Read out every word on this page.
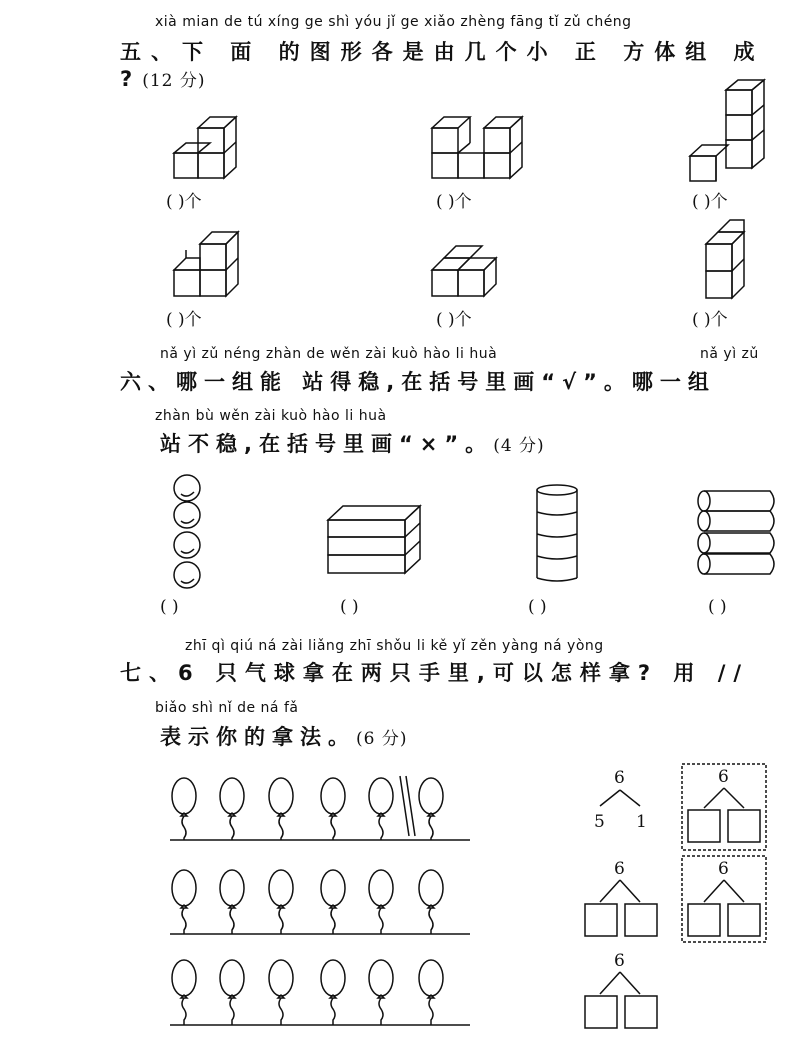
xià mian de tú xíng ge shì yóu jǐ ge xiǎo zhèng fāng tǐ zǔ chéng
五、下 面 的图形各是由几个小 正 方体组 成 ?(12 分)
( )个	( )个	( )个
( )个	( )个	( )个
nǎ yì zǔ néng zhàn de wěn zài kuò hào li huà	nǎ yì zǔ
六、哪一组能 站得稳,在括号里画“√”。哪一组
zhàn bù wěn zài kuò hào li huà
站不稳,在括号里画“×”。(4 分)
( )	( )	( )	( )
zhī qì qiú ná zài liǎng zhī shǒu li kě yǐ zěn yàng ná yòng
七、6 只气球拿在两只手里,可以怎样拿? 用 //
biǎo shì nǐ de ná fǎ
表示你的拿法。(6 分)
6
5 1
6
6	6
6
